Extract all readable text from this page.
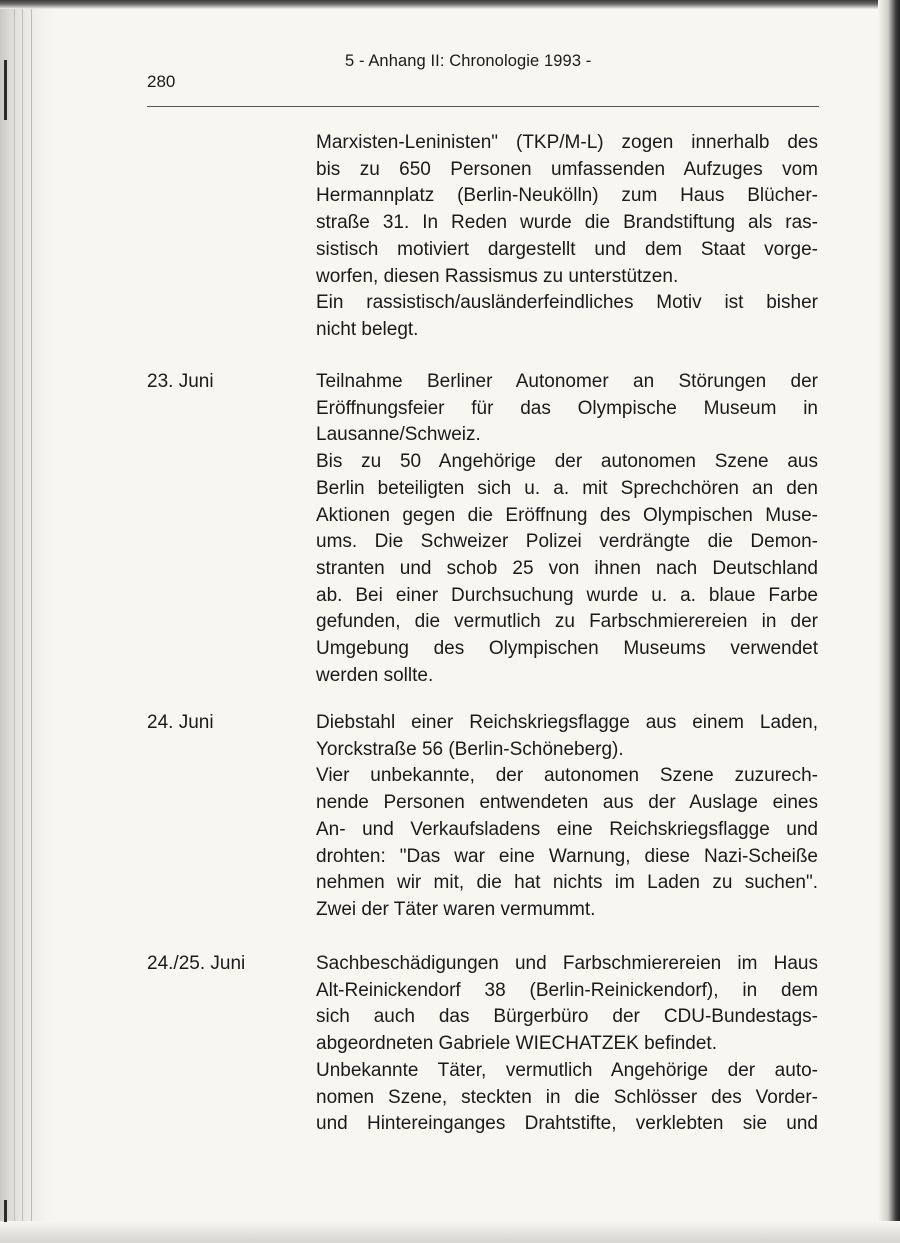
280
5 - Anhang II: Chronologie 1993 -

Marxisten-Leninisten" (TKP/M-L) zogen innerhalb des

bis zu 650 Personen umfassenden Aufzuges vom

Hermannplatz (Berlin-Neukölln) zum Haus Blücher-

straße 31. In Reden wurde die Brandstiftung als ras-

sistisch motiviert dargestellt und dem Staat vorge-

worfen, diesen Rassismus zu unterstützen.

Ein rassistisch/ausländerfeindliches Motiv ist bisher

nicht belegt.

23. Juni	Teilnahme Berliner Autonomer an Störungen der

Eröffnungsfeier für das Olympische Museum in

Lausanne/Schweiz.

Bis zu 50 Angehörige der autonomen Szene aus

Berlin beteiligten sich u. a. mit Sprechchören an den

Aktionen gegen die Eröffnung des Olympischen Muse-

ums. Die Schweizer Polizei verdrängte die Demon-

stranten und schob 25 von ihnen nach Deutschland

ab. Bei einer Durchsuchung wurde u. a. blaue Farbe

gefunden, die vermutlich zu Farbschmierereien in der

Umgebung des Olympischen Museums verwendet

werden sollte.

24. Juni	Diebstahl einer Reichskriegsflagge aus einem Laden,

Yorckstraße 56 (Berlin-Schöneberg).

Vier unbekannte, der autonomen Szene zuzurech-

nende Personen entwendeten aus der Auslage eines

An- und Verkaufsladens eine Reichskriegsflagge und

drohten: "Das war eine Warnung, diese Nazi-Scheiße

nehmen wir mit, die hat nichts im Laden zu suchen".

Zwei der Täter waren vermummt.

24./25. Juni	Sachbeschädigungen und Farbschmierereien im Haus

Alt-Reinickendorf 38 (Berlin-Reinickendorf), in dem

sich auch das Bürgerbüro der CDU-Bundestags-

abgeordneten Gabriele WIECHATZEK befindet.

Unbekannte Täter, vermutlich Angehörige der auto-

nomen Szene, steckten in die Schlösser des Vorder-

und Hintereinganges Drahtstifte, verklebten sie und
